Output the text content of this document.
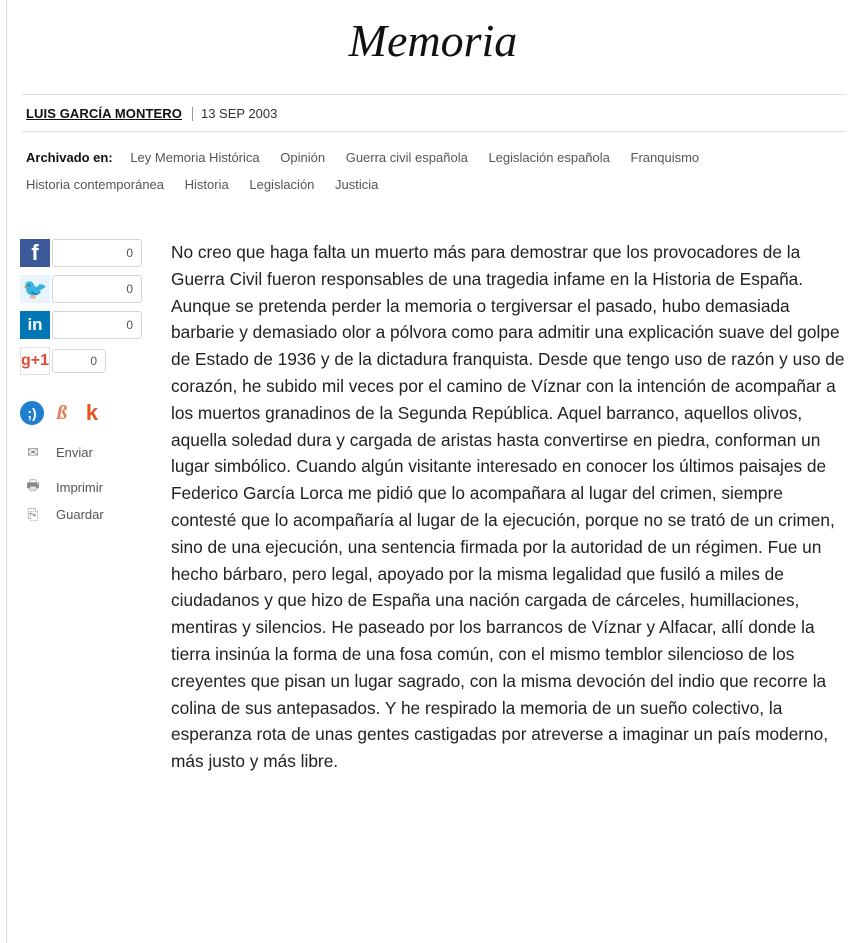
Memoria
LUIS GARCÍA MONTERO 13 SEP 2003
Archivado en: Ley Memoria Histórica Opinión Guerra civil española Legislación española Franquismo
Historia contemporánea Historia Legislación Justicia
f	0
🐦	0
in	0
g+1	0
;)	ß k
✉ Enviar
🖶 Imprimir
⎘ Guardar

No creo que haga falta un muerto más para demostrar que los provocadores de la Guerra Civil fueron responsables de una tragedia infame en la Historia de España. Aunque se pretenda perder la memoria o tergiversar el pasado, hubo demasiada barbarie y demasiado olor a pólvora como para admitir una explicación suave del golpe de Estado de 1936 y de la dictadura franquista. Desde que tengo uso de razón y uso de corazón, he subido mil veces por el camino de Víznar con la intención de acompañar a los muertos granadinos de la Segunda República. Aquel barranco, aquellos olivos, aquella soledad dura y cargada de aristas hasta convertirse en piedra, conforman un lugar simbólico. Cuando algún visitante interesado en conocer los últimos paisajes de Federico García Lorca me pidió que lo acompañara al lugar del crimen, siempre contesté que lo acompañaría al lugar de la ejecución, porque no se trató de un crimen, sino de una ejecución, una sentencia firmada por la autoridad de un régimen. Fue un hecho bárbaro, pero legal, apoyado por la misma legalidad que fusiló a miles de ciudadanos y que hizo de España una nación cargada de cárceles, humillaciones, mentiras y silencios. He paseado por los barrancos de Víznar y Alfacar, allí donde la tierra insinúa la forma de una fosa común, con el mismo temblor silencioso de los creyentes que pisan un lugar sagrado, con la misma devoción del indio que recorre la colina de sus antepasados. Y he respirado la memoria de un sueño colectivo, la esperanza rota de unas gentes castigadas por atreverse a imaginar un país moderno, más justo y más libre.
